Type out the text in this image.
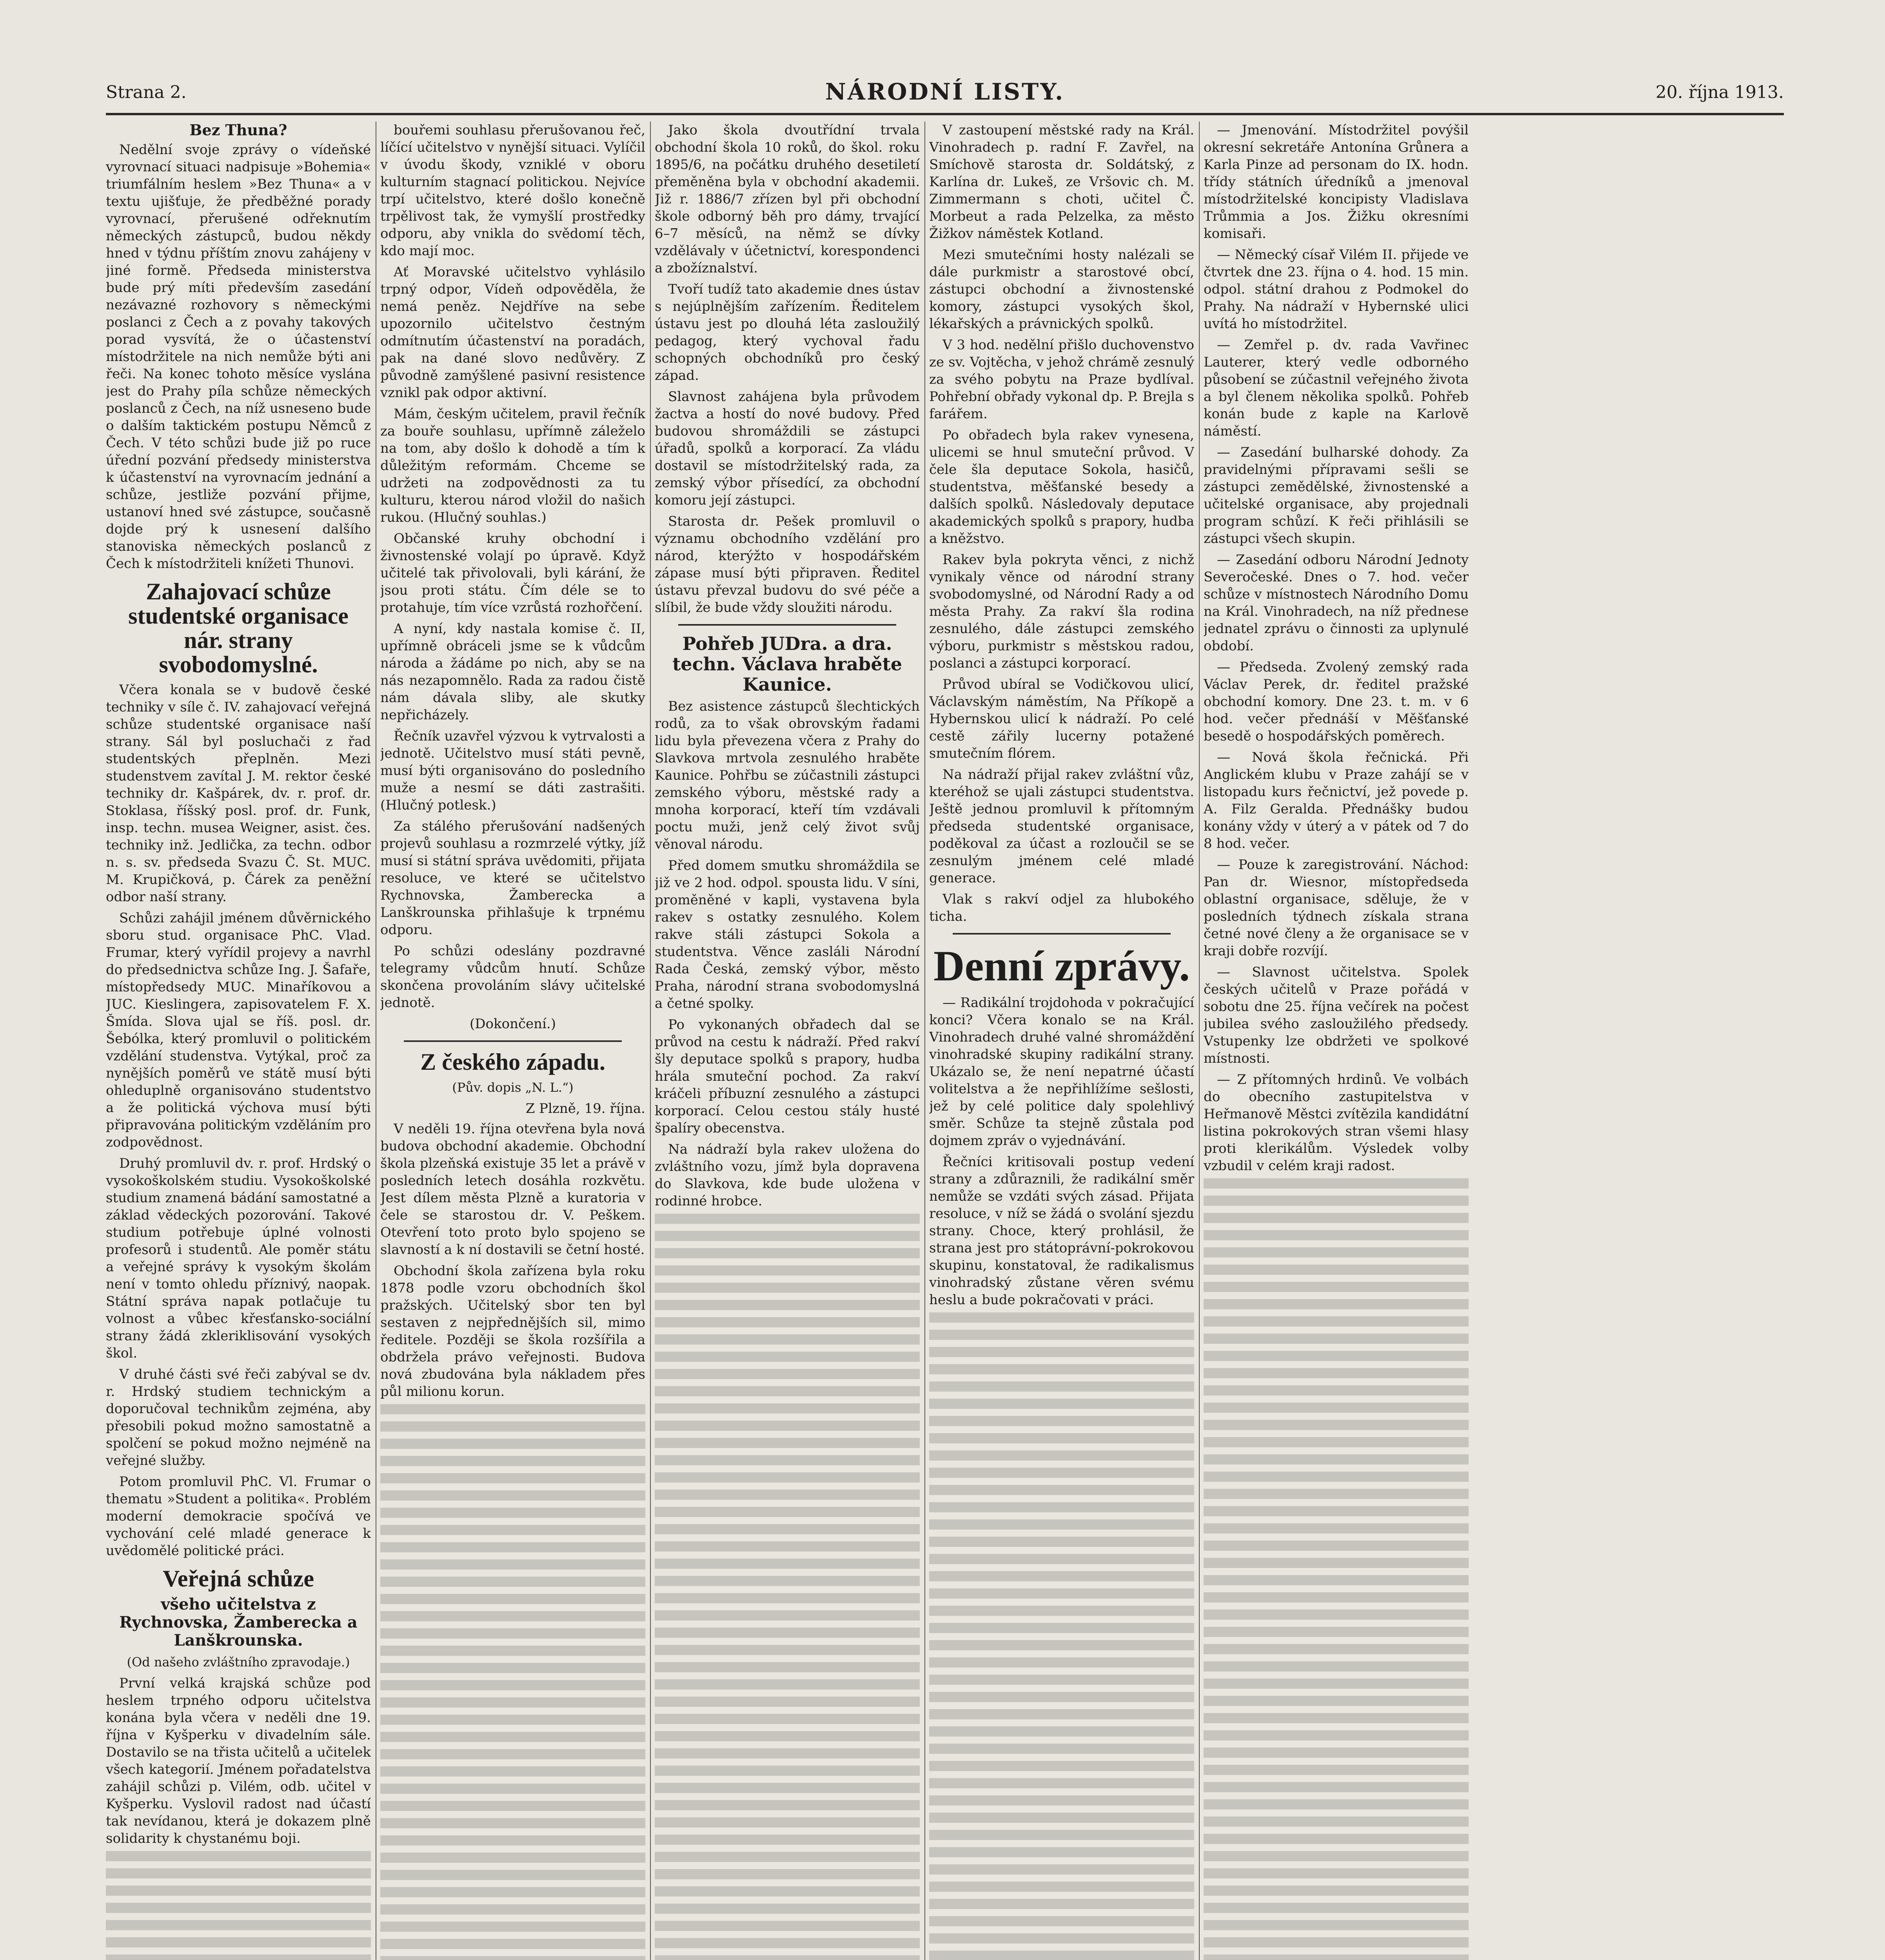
Strana 2.	NÁRODNÍ LISTY.	20. října 1913.
Bez Thuna?

Nedělní svoje zprávy o vídeňské vyrovnací situaci nadpisuje »Bohemia« triumfálním heslem »Bez Thuna« a v textu ujišťuje, že předběžné porady vyrovnací, přerušené odřeknutím německých zástupců, budou někdy hned v týdnu příštím znovu zahájeny v jiné formě. Předseda ministerstva bude prý míti především zasedání nezávazné rozhovory s německými poslanci z Čech a z povahy takových porad vysvítá, že o účastenství místodržitele na nich nemůže býti ani řeči. Na konec tohoto měsíce vyslána jest do Prahy píla schůze německých poslanců z Čech, na níž usneseno bude o dalším taktickém postupu Němců z Čech. V této schůzi bude již po ruce úřední pozvání předsedy ministerstva k účastenství na vyrovnacím jednání a schůze, jestliže pozvání přijme, ustanoví hned své zástupce, současně dojde prý k usnesení dalšího stanoviska německých poslanců z Čech k místodržiteli knížeti Thunovi.

Zahajovací schůze studentské organisace nár. strany svobodomyslné.

Včera konala se v budově české techniky v síle č. IV. zahajovací veřejná schůze studentské organisace naší strany. Sál byl posluchači z řad studentských přeplněn. Mezi studenstvem zavítal J. M. rektor české techniky dr. Kašpárek, dv. r. prof. dr. Stoklasa, říšský posl. prof. dr. Funk, insp. techn. musea Weigner, asist. čes. techniky inž. Jedlička, za techn. odbor n. s. sv. předseda Svazu Č. St. MUC. M. Krupičková, p. Čárek za peněžní odbor naší strany.

Schůzi zahájil jménem důvěrnického sboru stud. organisace PhC. Vlad. Frumar, který vyřídil projevy a navrhl do předsednictva schůze Ing. J. Šafaře, místopředsedy MUC. Minaříkovou a JUC. Kieslingera, zapisovatelem F. X. Šmída. Slova ujal se říš. posl. dr. Šebólka, který promluvil o politickém vzdělání studenstva. Vytýkal, proč za nynějších poměrů ve státě musí býti ohleduplně organisováno studentstvo a že politická výchova musí býti připravována politickým vzděláním pro zodpovědnost.

Druhý promluvil dv. r. prof. Hrdský o vysokoškolském studiu. Vysokoškolské studium znamená bádání samostatné a základ vědeckých pozorování. Takové studium potřebuje úplné volnosti profesorů i studentů. Ale poměr státu a veřejné správy k vysokým školám není v tomto ohledu příznivý, naopak. Státní správa napak potlačuje tu volnost a vůbec křesťansko-sociální strany žádá zkleriklisování vysokých škol.

V druhé části své řeči zabýval se dv. r. Hrdský studiem technickým a doporučoval technikům zejména, aby přesobili pokud možno samostatně a spolčení se pokud možno nejméně na veřejné služby.

Potom promluvil PhC. Vl. Frumar o thematu »Student a politika«. Problém moderní demokracie spočívá ve vychování celé mladé generace k uvědomělé politické práci.

Veřejná schůze
všeho učitelstva z Rychnovska, Žamberecka a Lanškrounska.
(Od našeho zvláštního zpravodaje.)

První velká krajská schůze pod heslem trpného odporu učitelstva konána byla včera v neděli dne 19. října v Kyšperku v divadelním sále. Dostavilo se na třista učitelů a učitelek všech kategorií. Jménem pořadatelstva zahájil schůzi p. Vilém, odb. učitel v Kyšperku. Vyslovil radost nad účastí tak nevídanou, která je dokazem plně solidarity k chystanému boji.

bouřemi souhlasu přerušovanou řeč, líčící učitelstvo v nynější situaci. Vylíčil v úvodu škody, vzniklé v oboru kulturním stagnací politickou. Nejvíce trpí učitelstvo, které došlo konečně trpělivost tak, že vymyšlí prostředky odporu, aby vnikla do svědomí těch, kdo mají moc.

Ať Moravské učitelstvo vyhlásilo trpný odpor, Vídeň odpověděla, že nemá peněz. Nejdříve na sebe upozornilo učitelstvo čestným odmítnutím účastenství na poradách, pak na dané slovo nedůvěry. Z původně zamýšlené pasivní resistence vznikl pak odpor aktivní.

Mám, českým učitelem, pravil řečník za bouře souhlasu, upřímně záleželo na tom, aby došlo k dohodě a tím k důležitým reformám. Chceme se udržeti na zodpovědnosti za tu kulturu, kterou národ vložil do našich rukou. (Hlučný souhlas.)

Občanské kruhy obchodní i živnostenské volají po úpravě. Když učitelé tak přivolovali, byli kárání, že jsou proti státu. Čím déle se to protahuje, tím více vzrůstá rozhořčení.

A nyní, kdy nastala komise č. II, upřímně obráceli jsme se k vůdcům národa a žádáme po nich, aby se na nás nezapomnělo. Rada za radou čistě nám dávala sliby, ale skutky nepřicházely.

Řečník uzavřel výzvou k vytrvalosti a jednotě. Učitelstvo musí státi pevně, musí býti organisováno do posledního muže a nesmí se dáti zastrašiti. (Hlučný potlesk.)

Za stálého přerušování nadšených projevů souhlasu a rozmrzelé výtky, jíž musí si státní správa uvědomiti, přijata resoluce, ve které se učitelstvo Rychnovska, Žamberecka a Lanškrounska přihlašuje k trpnému odporu.

Po schůzi odeslány pozdravné telegramy vůdcům hnutí. Schůze skončena provoláním slávy učitelské jednotě.

(Dokončení.)
Z českého západu.
(Pův. dopis „N. L.“)
Z Plzně, 19. října.

V neděli 19. října otevřena byla nová budova obchodní akademie. Obchodní škola plzeňská existuje 35 let a právě v posledních letech dosáhla rozkvětu. Jest dílem města Plzně a kuratoria v čele se starostou dr. V. Peškem. Otevření toto proto bylo spojeno se slavností a k ní dostavili se četní hosté.

Obchodní škola zařízena byla roku 1878 podle vzoru obchodních škol pražských. Učitelský sbor ten byl sestaven z nejpřednějších sil, mimo ředitele. Později se škola rozšířila a obdržela právo veřejnosti. Budova nová zbudována byla nákladem přes půl milionu korun.

Jako škola dvoutřídní trvala obchodní škola 10 roků, do škol. roku 1895/6, na počátku druhého desetiletí přeměněna byla v obchodní akademii. Již r. 1886/7 zřízen byl při obchodní škole odborný běh pro dámy, trvající 6–7 měsíců, na němž se dívky vzdělávaly v účetnictví, korespondenci a zbožíznalství.

Tvoří tudíž tato akademie dnes ústav s nejúplnějším zařízením. Ředitelem ústavu jest po dlouhá léta zasloužilý pedagog, který vychoval řadu schopných obchodníků pro český západ.

Slavnost zahájena byla průvodem žactva a hostí do nové budovy. Před budovou shromáždili se zástupci úřadů, spolků a korporací. Za vládu dostavil se místodržitelský rada, za zemský výbor přísedící, za obchodní komoru její zástupci.

Starosta dr. Pešek promluvil o významu obchodního vzdělání pro národ, kterýžto v hospodářském zápase musí býti připraven. Ředitel ústavu převzal budovu do své péče a slíbil, že bude vždy sloužiti národu.

Pohřeb JUDra. a dra. techn. Václava hraběte Kaunice.

Bez asistence zástupců šlechtických rodů, za to však obrovským řadami lidu byla převezena včera z Prahy do Slavkova mrtvola zesnulého hraběte Kaunice. Pohřbu se zúčastnili zástupci zemského výboru, městské rady a mnoha korporací, kteří tím vzdávali poctu muži, jenž celý život svůj věnoval národu.

Před domem smutku shromáždila se již ve 2 hod. odpol. spousta lidu. V síni, proměněné v kapli, vystavena byla rakev s ostatky zesnulého. Kolem rakve stáli zástupci Sokola a studentstva. Věnce zasláli Národní Rada Česká, zemský výbor, město Praha, národní strana svobodomyslná a četné spolky.

Po vykonaných obřadech dal se průvod na cestu k nádraží. Před rakví šly deputace spolků s prapory, hudba hrála smuteční pochod. Za rakví kráčeli příbuzní zesnulého a zástupci korporací. Celou cestou stály husté špalíry obecenstva.

Na nádraží byla rakev uložena do zvláštního vozu, jímž byla dopravena do Slavkova, kde bude uložena v rodinné hrobce.

V zastoupení městské rady na Král. Vinohradech p. radní F. Zavřel, na Smíchově starosta dr. Soldátský, z Karlína dr. Lukeš, ze Vršovic ch. M. Zimmermann s choti, učitel Č. Morbeut a rada Pelzelka, za město Žižkov náměstek Kotland.

Mezi smutečními hosty nalézali se dále purkmistr a starostové obcí, zástupci obchodní a živnostenské komory, zástupci vysokých škol, lékařských a právnických spolků.

V 3 hod. nedělní přišlo duchovenstvo ze sv. Vojtěcha, v jehož chrámě zesnulý za svého pobytu na Praze bydlíval. Pohřební obřady vykonal dp. P. Brejla s farářem.

Po obřadech byla rakev vynesena, ulicemi se hnul smuteční průvod. V čele šla deputace Sokola, hasičů, studentstva, měšťanské besedy a dalších spolků. Následovaly deputace akademických spolků s prapory, hudba a kněžstvo.

Rakev byla pokryta věnci, z nichž vynikaly věnce od národní strany svobodomyslné, od Národní Rady a od města Prahy. Za rakví šla rodina zesnulého, dále zástupci zemského výboru, purkmistr s městskou radou, poslanci a zástupci korporací.

Průvod ubíral se Vodičkovou ulicí, Václavským náměstím, Na Příkopě a Hybernskou ulicí k nádraží. Po celé cestě zářily lucerny potažené smutečním flórem.

Na nádraží přijal rakev zvláštní vůz, kteréhož se ujali zástupci studentstva. Ještě jednou promluvil k přítomným předseda studentské organisace, poděkoval za účast a rozloučil se se zesnulým jménem celé mladé generace.

Vlak s rakví odjel za hlubokého ticha.

Denní zprávy.

— Radikální trojdohoda v pokračující konci? Včera konalo se na Král. Vinohradech druhé valné shromáždění vinohradské skupiny radikální strany. Ukázalo se, že není nepatrné účastí volitelstva a že nepřihlížíme sešlosti, jež by celé politice daly spolehlivý směr. Schůze ta stejně zůstala pod dojmem zpráv o vyjednávání.

Řečníci kritisovali postup vedení strany a zdůraznili, že radikální směr nemůže se vzdáti svých zásad. Přijata resoluce, v níž se žádá o svolání sjezdu strany. Choce, který prohlásil, že strana jest pro státoprávní-pokrokovou skupinu, konstatoval, že radikalismus vinohradský zůstane věren svému heslu a bude pokračovati v práci.

— Jmenování. Místodržitel povýšil okresní sekretáře Antonína Grůnera a Karla Pinze ad personam do IX. hodn. třídy státních úředníků a jmenoval místodržitelské koncipisty Vladislava Trůmmia a Jos. Žižku okresními komisaři.

— Německý císař Vilém II. přijede ve čtvrtek dne 23. října o 4. hod. 15 min. odpol. státní drahou z Podmokel do Prahy. Na nádraží v Hybernské ulici uvítá ho místodržitel.

— Zemřel p. dv. rada Vavřinec Lauterer, který vedle odborného působení se zúčastnil veřejného života a byl členem několika spolků. Pohřeb konán bude z kaple na Karlově náměstí.

— Zasedání bulharské dohody. Za pravidelnými přípravami sešli se zástupci zemědělské, živnostenské a učitelské organisace, aby projednali program schůzí. K řeči přihlásili se zástupci všech skupin.

— Zasedání odboru Národní Jednoty Severočeské. Dnes o 7. hod. večer schůze v místnostech Národního Domu na Král. Vinohradech, na níž přednese jednatel zprávu o činnosti za uplynulé období.

— Předseda. Zvolený zemský rada Václav Perek, dr. ředitel pražské obchodní komory. Dne 23. t. m. v 6 hod. večer přednáší v Měšťanské besedě o hospodářských poměrech.

— Nová škola řečnická. Při Anglickém klubu v Praze zahájí se v listopadu kurs řečnictví, jež povede p. A. Filz Geralda. Přednášky budou konány vždy v úterý a v pátek od 7 do 8 hod. večer.

— Pouze k zaregistrování. Náchod: Pan dr. Wiesnor, místopředseda oblastní organisace, sděluje, že v posledních týdnech získala strana četné nové členy a že organisace se v kraji dobře rozvíjí.

— Slavnost učitelstva. Spolek českých učitelů v Praze pořádá v sobotu dne 25. října večírek na počest jubilea svého zasloužilého předsedy. Vstupenky lze obdržeti ve spolkové místnosti.

— Z přítomných hrdinů. Ve volbách do obecního zastupitelstva v Heřmanově Městci zvítězila kandidátní listina pokrokových stran všemi hlasy proti klerikálům. Výsledek volby vzbudil v celém kraji radost.
